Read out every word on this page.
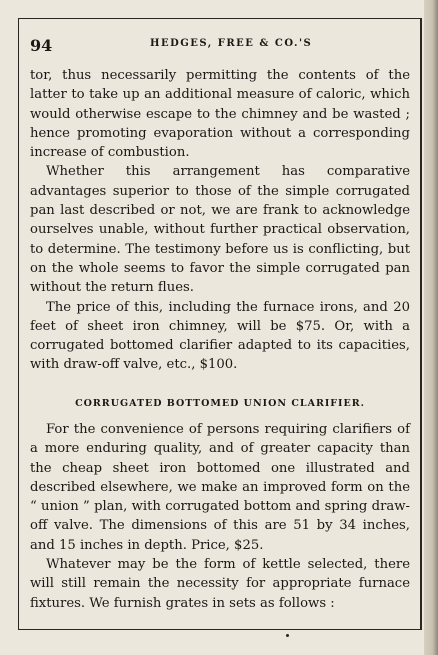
94	HEDGES, FREE & CO.'S

tor, thus necessarily permitting the contents of the latter to take up an additional measure of caloric, which would otherwise escape to the chimney and be wasted ; hence promoting evaporation without a corresponding increase of combustion.

Whether this arrangement has comparative advantages superior to those of the simple corrugated pan last described or not, we are frank to acknowledge ourselves unable, without further practical observation, to determine. The testimony before us is conflicting, but on the whole seems to favor the simple corrugated pan without the return flues.

The price of this, including the furnace irons, and 20 feet of sheet iron chimney, will be $75. Or, with a corrugated bottomed clarifier adapted to its capacities, with draw-off valve, etc., $100.

CORRUGATED BOTTOMED UNION CLARIFIER.

For the convenience of persons requiring clarifiers of a more enduring quality, and of greater capacity than the cheap sheet iron bottomed one illustrated and described elsewhere, we make an improved form on the “ union ” plan, with corrugated bottom and spring draw-off valve. The dimensions of this are 51 by 34 inches, and 15 inches in depth. Price, $25.

Whatever may be the form of kettle selected, there will still remain the necessity for appropriate furnace fixtures. We furnish grates in sets as follows :
